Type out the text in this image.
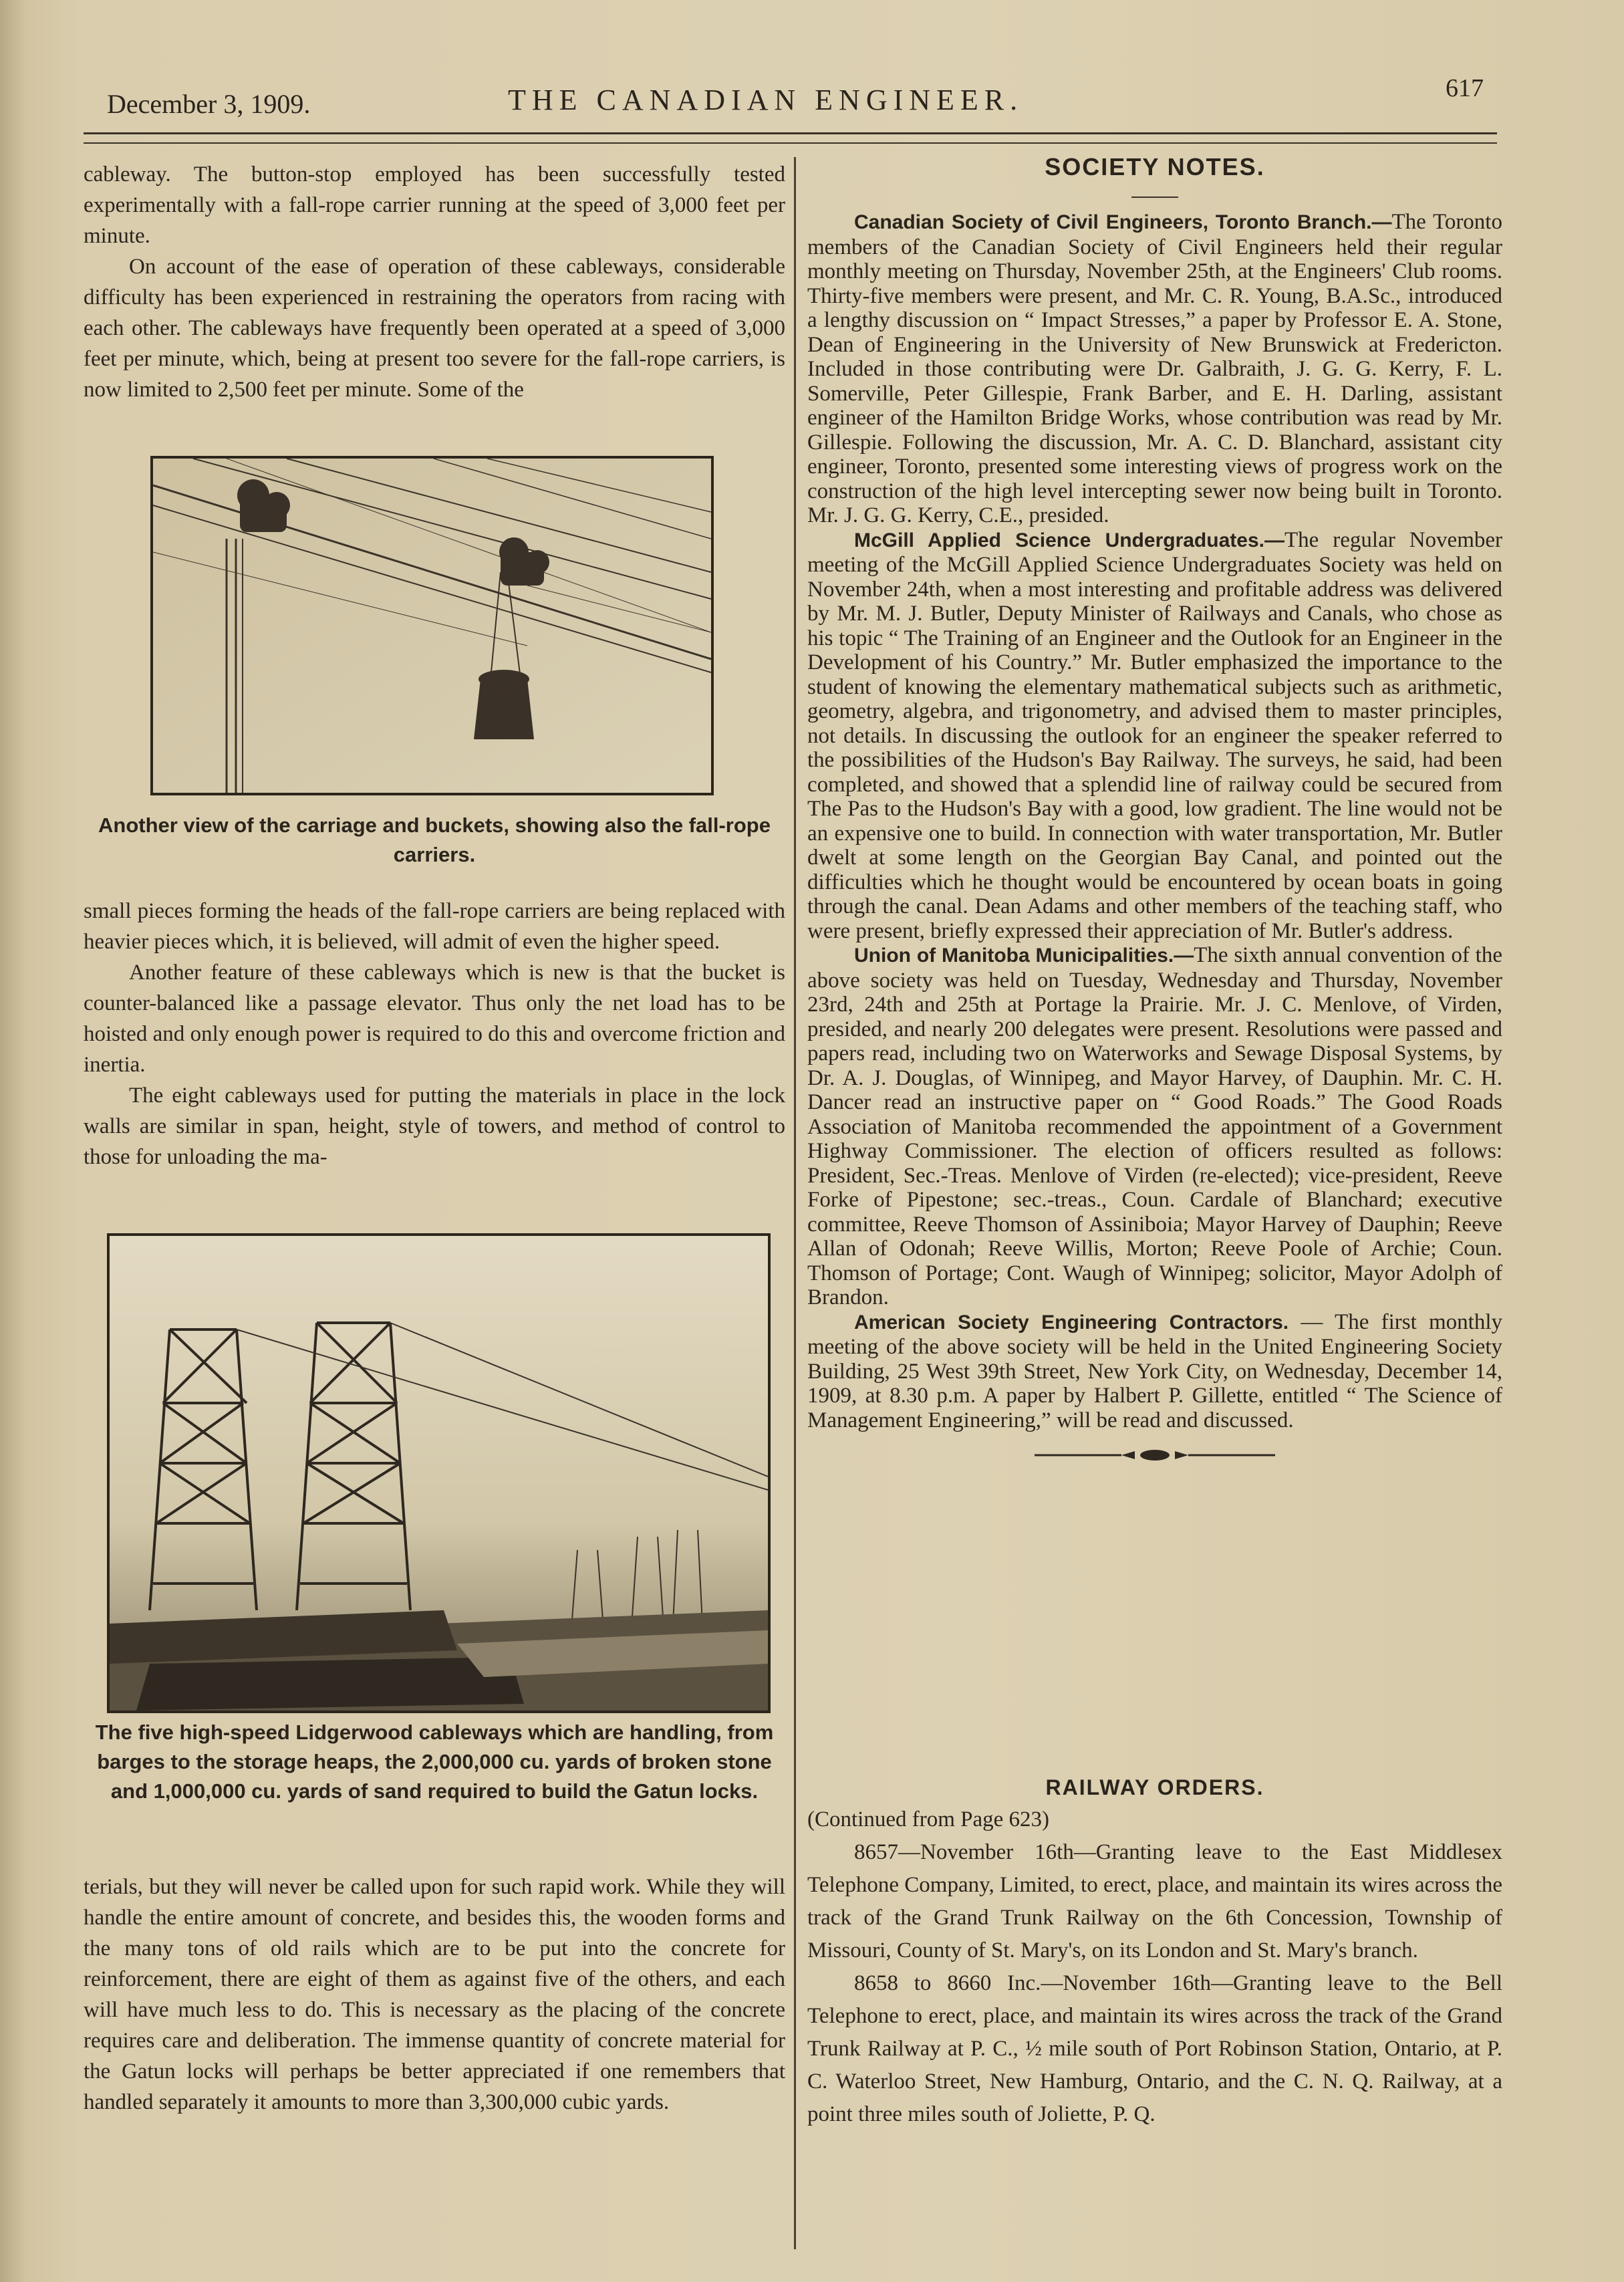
December 3, 1909.	THE CANADIAN ENGINEER.	617

cableway. The button-stop employed has been successfully tested experimentally with a fall-rope carrier running at the speed of 3,000 feet per minute.

On account of the ease of operation of these cableways, considerable difficulty has been experienced in restraining the operators from racing with each other. The cableways have frequently been operated at a speed of 3,000 feet per minute, which, being at present too severe for the fall-rope carriers, is now limited to 2,500 feet per minute. Some of the

Another view of the carriage and buckets, showing also the fall-rope carriers.

small pieces forming the heads of the fall-rope carriers are being replaced with heavier pieces which, it is believed, will admit of even the higher speed.

Another feature of these cableways which is new is that the bucket is counter-balanced like a passage elevator. Thus only the net load has to be hoisted and only enough power is required to do this and overcome friction and inertia.

The eight cableways used for putting the materials in place in the lock walls are similar in span, height, style of towers, and method of control to those for unloading the ma-

The five high-speed Lidgerwood cableways which are handling, from barges to the storage heaps, the 2,000,000 cu. yards of broken stone and 1,000,000 cu. yards of sand required to build the Gatun locks.

terials, but they will never be called upon for such rapid work. While they will handle the entire amount of concrete, and besides this, the wooden forms and the many tons of old rails which are to be put into the concrete for reinforcement, there are eight of them as against five of the others, and each will have much less to do. This is necessary as the placing of the concrete requires care and deliberation. The immense quantity of concrete material for the Gatun locks will perhaps be better appreciated if one remembers that handled separately it amounts to more than 3,300,000 cubic yards.

SOCIETY NOTES.

Canadian Society of Civil Engineers, Toronto Branch.—The Toronto members of the Canadian Society of Civil Engineers held their regular monthly meeting on Thursday, November 25th, at the Engineers' Club rooms. Thirty-five members were present, and Mr. C. R. Young, B.A.Sc., introduced a lengthy discussion on “ Impact Stresses,” a paper by Professor E. A. Stone, Dean of Engineering in the University of New Brunswick at Fredericton. Included in those contributing were Dr. Galbraith, J. G. G. Kerry, F. L. Somerville, Peter Gillespie, Frank Barber, and E. H. Darling, assistant engineer of the Hamilton Bridge Works, whose contribution was read by Mr. Gillespie. Following the discussion, Mr. A. C. D. Blanchard, assistant city engineer, Toronto, presented some interesting views of progress work on the construction of the high level intercepting sewer now being built in Toronto. Mr. J. G. G. Kerry, C.E., presided.

McGill Applied Science Undergraduates.—The regular November meeting of the McGill Applied Science Undergraduates Society was held on November 24th, when a most interesting and profitable address was delivered by Mr. M. J. Butler, Deputy Minister of Railways and Canals, who chose as his topic “ The Training of an Engineer and the Outlook for an Engineer in the Development of his Country.” Mr. Butler emphasized the importance to the student of knowing the elementary mathematical subjects such as arithmetic, geometry, algebra, and trigonometry, and advised them to master principles, not details. In discussing the outlook for an engineer the speaker referred to the possibilities of the Hudson's Bay Railway. The surveys, he said, had been completed, and showed that a splendid line of railway could be secured from The Pas to the Hudson's Bay with a good, low gradient. The line would not be an expensive one to build. In connection with water transportation, Mr. Butler dwelt at some length on the Georgian Bay Canal, and pointed out the difficulties which he thought would be encountered by ocean boats in going through the canal. Dean Adams and other members of the teaching staff, who were present, briefly expressed their appreciation of Mr. Butler's address.

Union of Manitoba Municipalities.—The sixth annual convention of the above society was held on Tuesday, Wednesday and Thursday, November 23rd, 24th and 25th at Portage la Prairie. Mr. J. C. Menlove, of Virden, presided, and nearly 200 delegates were present. Resolutions were passed and papers read, including two on Waterworks and Sewage Disposal Systems, by Dr. A. J. Douglas, of Winnipeg, and Mayor Harvey, of Dauphin. Mr. C. H. Dancer read an instructive paper on “ Good Roads.” The Good Roads Association of Manitoba recommended the appointment of a Government Highway Commissioner. The election of officers resulted as follows: President, Sec.-Treas. Menlove of Virden (re-elected); vice-president, Reeve Forke of Pipestone; sec.-treas., Coun. Cardale of Blanchard; executive committee, Reeve Thomson of Assiniboia; Mayor Harvey of Dauphin; Reeve Allan of Odonah; Reeve Willis, Morton; Reeve Poole of Archie; Coun. Thomson of Portage; Cont. Waugh of Winnipeg; solicitor, Mayor Adolph of Brandon.

American Society Engineering Contractors. — The first monthly meeting of the above society will be held in the United Engineering Society Building, 25 West 39th Street, New York City, on Wednesday, December 14, 1909, at 8.30 p.m. A paper by Halbert P. Gillette, entitled “ The Science of Management Engineering,” will be read and discussed.

RAILWAY ORDERS.

(Continued from Page 623)

8657—November 16th—Granting leave to the East Middlesex Telephone Company, Limited, to erect, place, and maintain its wires across the track of the Grand Trunk Railway on the 6th Concession, Township of Missouri, County of St. Mary's, on its London and St. Mary's branch.

8658 to 8660 Inc.—November 16th—Granting leave to the Bell Telephone to erect, place, and maintain its wires across the track of the Grand Trunk Railway at P. C., ½ mile south of Port Robinson Station, Ontario, at P. C. Waterloo Street, New Hamburg, Ontario, and the C. N. Q. Railway, at a point three miles south of Joliette, P. Q.
